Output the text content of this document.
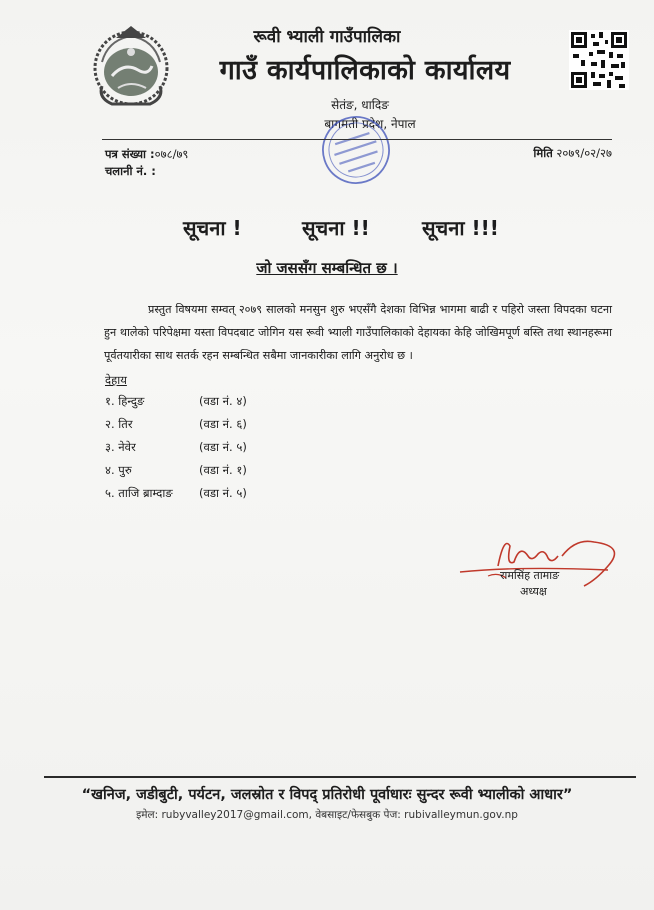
रूवी भ्याली गाउँपालिका
गाउँ कार्यपालिकाको कार्यालय
सेतंङ, धादिङ
बागमती प्रदेश, नेपाल
पत्र संख्या :०७८/७९
चलानी नं. :
मिति २०७९/०२/२७
सूचना !	सूचना !!	सूचना !!!
जो जससँग सम्बन्धित छ ।
प्रस्तुत विषयमा सम्वत् २०७९ सालको मनसुन शुरु भएसँगै देशका विभिन्न भागमा बाढी र पहिरो जस्ता विपदका घटना हुन थालेको परिपेक्षमा यस्ता विपदबाट जोगिन यस रूवी भ्याली गाउँपालिकाको देहायका केहि जोखिमपूर्ण बस्ति तथा स्थानहरूमा पूर्वतयारीका साथ सतर्क रहन सम्बन्धित सबैमा जानकारीका लागि अनुरोध छ ।
देहाय
१. हिन्दुङ	(वडा नं. ४)
२. तिर	(वडा नं. ६)
३. नेवेर	(वडा नं. ५)
४. पुरु	(वडा नं. १)
५. ताजि ब्राम्दाङ	(वडा नं. ५)
रामसिंह तामाङ
अध्यक्ष
“खनिज, जडीबुटी, पर्यटन, जलस्रोत र विपद् प्रतिरोधी पूर्वाधारः सुन्दर रूवी भ्यालीको आधार”
इमेल: rubyvalley2017@gmail.com, वेबसाइट/फेसबुक पेज: rubivalleymun.gov.np
